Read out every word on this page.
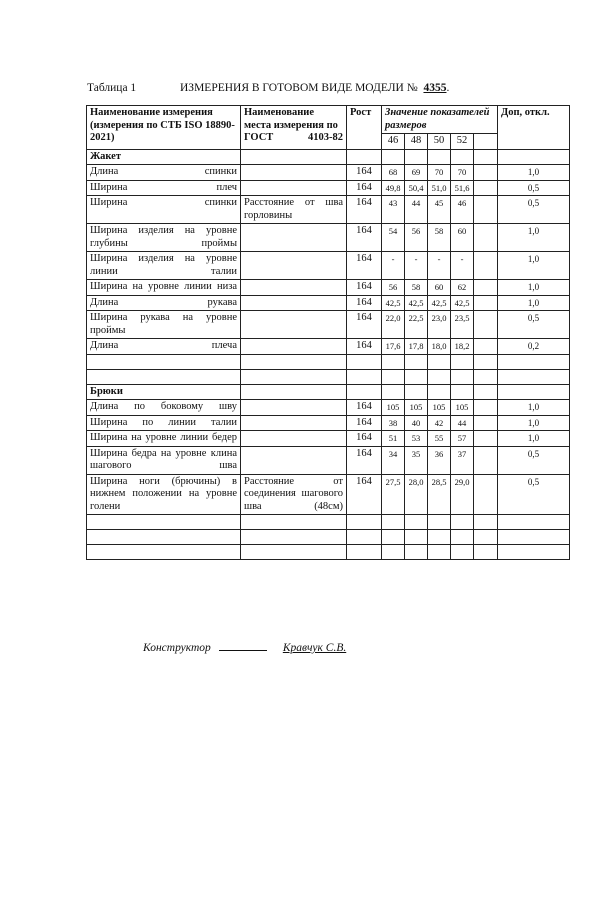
Таблица 1	ИЗМЕРЕНИЯ В ГОТОВОМ ВИДЕ МОДЕЛИ № 4355.
Наименование измерения (измерения по СТБ ISO 18890-2021)	Наименование места измерения по ГОСТ 4103-82	Рост	Значение показателей размеров					Доп, откл.
			46	48	50	52		
Жакет								
Длина спинки		164	68	69	70	70		1,0
Ширина плеч		164	49,8	50,4	51,0	51,6		0,5
Ширина спинки	Расстояние от шва горловины	164	43	44	45	46		0,5
Ширина изделия на уровне глубины проймы		164	54	56	58	60		1,0
Ширина изделия на уровне линии талии		164	-	-	-	-		1,0
Ширина на уровне линии низа		164	56	58	60	62		1,0
Длина рукава		164	42,5	42,5	42,5	42,5		1,0
Ширина рукава на уровне проймы		164	22,0	22,5	23,0	23,5		0,5
Длина плеча		164	17,6	17,8	18,0	18,2		0,2

Брюки								
Длина по боковому шву		164	105	105	105	105		1,0
Ширина по линии талии		164	38	40	42	44		1,0
Ширина на уровне линии бедер		164	51	53	55	57		1,0
Ширина бедра на уровне клина шагового шва		164	34	35	36	37		0,5
Ширина ноги (брючины) в нижнем положении на уровне голени	Расстояние от соединения шагового шва (48см)	164	27,5	28,0	28,5	29,0		0,5

Конструктор	Кравчук С.В.
